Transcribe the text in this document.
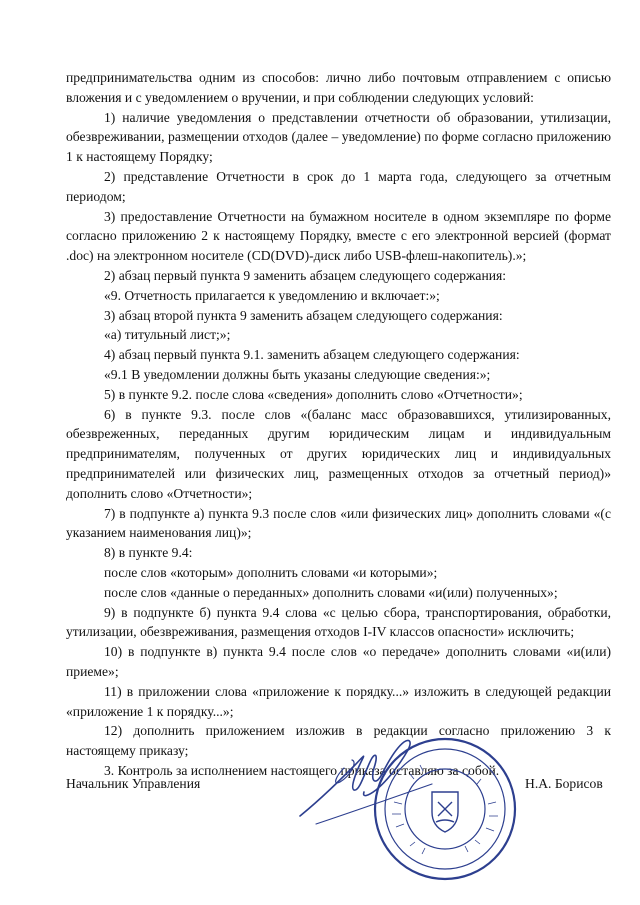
предпринимательства одним из способов: лично либо почтовым отправлением с описью вложения и с уведомлением о вручении, и при соблюдении следующих условий:

1) наличие уведомления о представлении отчетности об образовании, утилизации, обезвреживании, размещении отходов (далее – уведомление) по форме согласно приложению 1 к настоящему Порядку;

2) представление Отчетности в срок до 1 марта года, следующего за отчетным периодом;

3) предоставление Отчетности на бумажном носителе в одном экземпляре по форме согласно приложению 2 к настоящему Порядку, вместе с его электронной версией (формат .doc) на электронном носителе (CD(DVD)-диск либо USB-флеш-накопитель).»;

2) абзац первый пункта 9 заменить абзацем следующего содержания:

«9. Отчетность прилагается к уведомлению и включает:»;

3) абзац второй пункта 9 заменить абзацем следующего содержания:

«а) титульный лист;»;

4) абзац первый пункта 9.1. заменить абзацем следующего содержания:

«9.1 В уведомлении должны быть указаны следующие сведения:»;

5) в пункте 9.2. после слова «сведения» дополнить слово «Отчетности»;

6) в пункте 9.3. после слов «(баланс масс образовавшихся, утилизированных, обезвреженных, переданных другим юридическим лицам и индивидуальным предпринимателям, полученных от других юридических лиц и индивидуальных предпринимателей или физических лиц, размещенных отходов за отчетный период)» дополнить слово «Отчетности»;

7) в подпункте а) пункта 9.3 после слов «или физических лиц» дополнить словами «(с указанием наименования лиц)»;

8) в пункте 9.4:

после слов «которым» дополнить словами «и которыми»;

после слов «данные о переданных» дополнить словами «и(или) полученных»;

9) в подпункте б) пункта 9.4 слова «с целью сбора, транспортирования, обработки, утилизации, обезвреживания, размещения отходов I-IV классов опасности» исключить;

10) в подпункте в) пункта 9.4 после слов «о передаче» дополнить словами «и(или) приеме»;

11) в приложении слова «приложение к порядку...» изложить в следующей редакции «приложение 1 к порядку...»;

12) дополнить приложением изложив в редакции согласно приложению 3 к настоящему приказу;

3. Контроль за исполнением настоящего приказа оставляю за собой.

Начальник Управления	Н.А. Борисов
